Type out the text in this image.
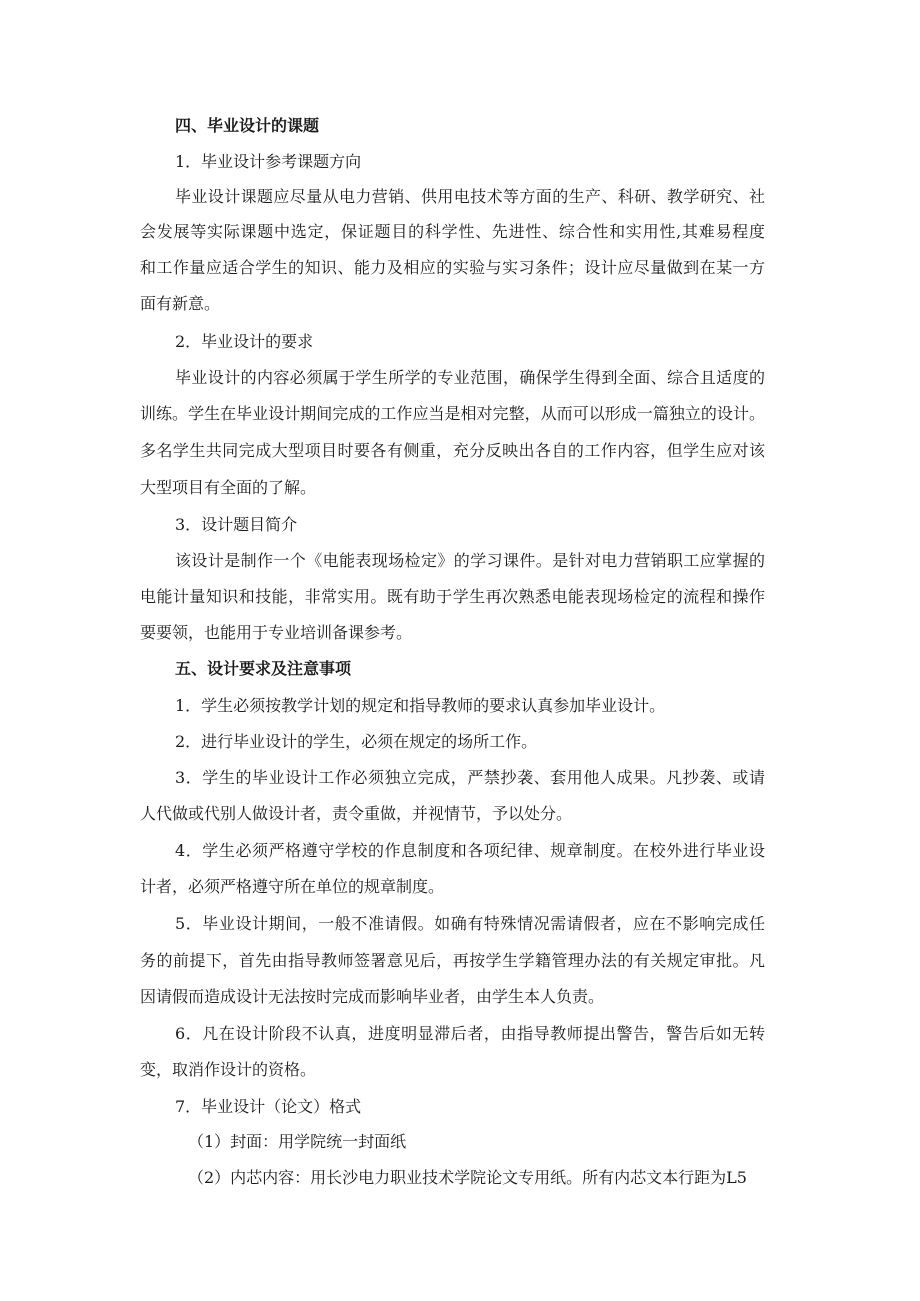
四、毕业设计的课题
1．毕业设计参考课题方向
毕业设计课题应尽量从电力营销、供用电技术等方面的生产、科研、教学研究、社
会发展等实际课题中选定，保证题目的科学性、先进性、综合性和实用性,其难易程度
和工作量应适合学生的知识、能力及相应的实验与实习条件；设计应尽量做到在某一方
面有新意。
2．毕业设计的要求
毕业设计的内容必须属于学生所学的专业范围，确保学生得到全面、综合且适度的
训练。学生在毕业设计期间完成的工作应当是相对完整，从而可以形成一篇独立的设计。
多名学生共同完成大型项目时要各有侧重，充分反映出各自的工作内容，但学生应对该
大型项目有全面的了解。
3．设计题目简介
该设计是制作一个《电能表现场检定》的学习课件。是针对电力营销职工应掌握的
电能计量知识和技能，非常实用。既有助于学生再次熟悉电能表现场检定的流程和操作
要要领，也能用于专业培训备课参考。
五、设计要求及注意事项
1．学生必须按教学计划的规定和指导教师的要求认真参加毕业设计。
2．进行毕业设计的学生，必须在规定的场所工作。
3．学生的毕业设计工作必须独立完成，严禁抄袭、套用他人成果。凡抄袭、或请
人代做或代别人做设计者，责令重做，并视情节，予以处分。
4．学生必须严格遵守学校的作息制度和各项纪律、规章制度。在校外进行毕业设
计者，必须严格遵守所在单位的规章制度。
5．毕业设计期间，一般不准请假。如确有特殊情况需请假者，应在不影响完成任
务的前提下，首先由指导教师签署意见后，再按学生学籍管理办法的有关规定审批。凡
因请假而造成设计无法按时完成而影响毕业者，由学生本人负责。
6．凡在设计阶段不认真，进度明显滞后者，由指导教师提出警告，警告后如无转
变，取消作设计的资格。
7．毕业设计（论文）格式
（1）封面：用学院统一封面纸
（2）内芯内容：用长沙电力职业技术学院论文专用纸。所有内芯文本行距为L5
